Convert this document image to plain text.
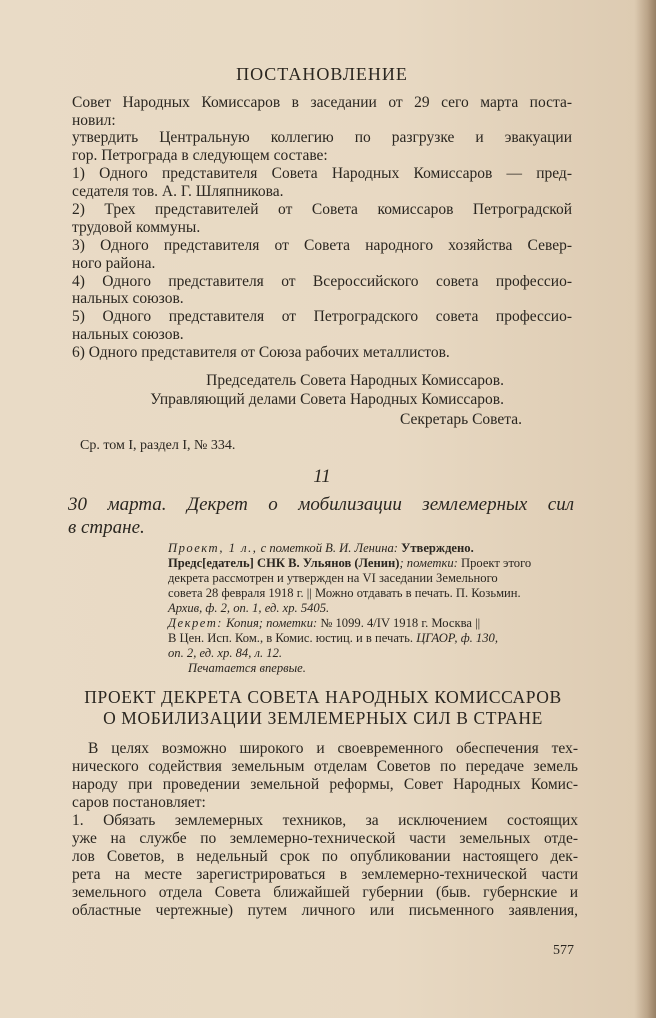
ПОСТАНОВЛЕНИЕ
Совет Народных Комиссаров в заседании от 29 сего марта поста-
новил:
утвердить Центральную коллегию по разгрузке и эвакуации
гор. Петрограда в следующем составе:
1) Одного представителя Совета Народных Комиссаров — пред-
седателя тов. А. Г. Шляпникова.
2) Трех представителей от Совета комиссаров Петроградской
трудовой коммуны.
3) Одного представителя от Совета народного хозяйства Север-
ного района.
4) Одного представителя от Всероссийского совета профессио-
нальных союзов.
5) Одного представителя от Петроградского совета профессио-
нальных союзов.
6) Одного представителя от Союза рабочих металлистов.
Председатель Совета Народных Комиссаров.
Управляющий делами Совета Народных Комиссаров.
Секретарь Совета.
Ср. том I, раздел I, № 334.
11
30 марта. Декрет о мобилизации землемерных сил
в стране.
Проект, 1 л., с пометкой В. И. Ленина: Утверждено.
Предс[едатель] СНК В. Ульянов (Ленин); пометки: Проект этого
декрета рассмотрен и утвержден на VI заседании Земельного
совета 28 февраля 1918 г. || Можно отдавать в печать. П. Козьмин.
Архив, ф. 2, оп. 1, ед. хр. 5405.
Декрет: Копия; пометки: № 1099. 4/IV 1918 г. Москва ||
В Цен. Исп. Ком., в Комис. юстиц. и в печать. ЦГАОР, ф. 130,
оп. 2, ед. хр. 84, л. 12.
Печатается впервые.
ПРОЕКТ ДЕКРЕТА СОВЕТА НАРОДНЫХ КОМИССАРОВ
О МОБИЛИЗАЦИИ ЗЕМЛЕМЕРНЫХ СИЛ В СТРАНЕ
В целях возможно широкого и своевременного обеспечения тех-
нического содействия земельным отделам Советов по передаче земель
народу при проведении земельной реформы, Совет Народных Комис-
саров постановляет:
1. Обязать землемерных техников, за исключением состоящих
уже на службе по землемерно-технической части земельных отде-
лов Советов, в недельный срок по опубликовании настоящего дек-
рета на месте зарегистрироваться в землемерно-технической части
земельного отдела Совета ближайшей губернии (быв. губернские и
областные чертежные) путем личного или письменного заявления,
577
